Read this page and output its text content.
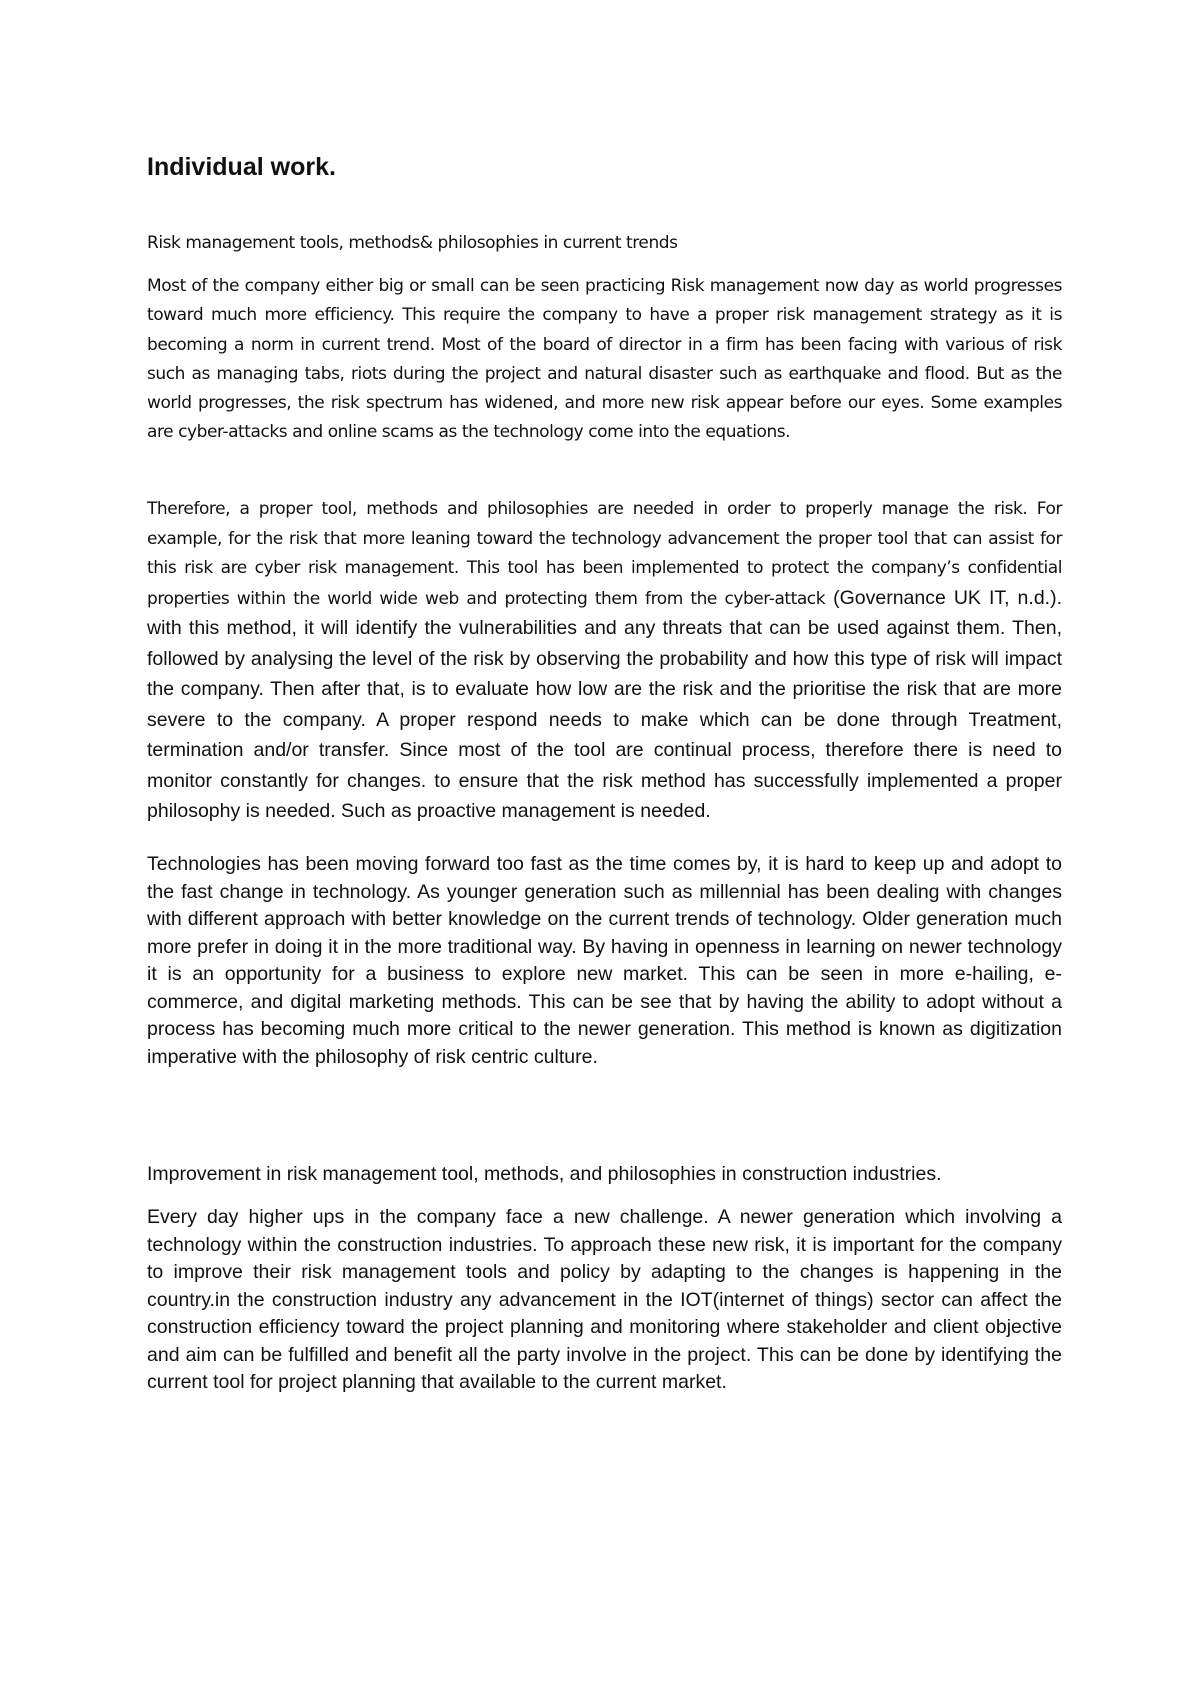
Individual work.

Risk management tools, methods& philosophies in current trends

Most of the company either big or small can be seen practicing Risk management now day as world progresses toward much more efficiency. This require the company to have a proper risk management strategy as it is becoming a norm in current trend. Most of the board of director in a firm has been facing with various of risk such as managing tabs, riots during the project and natural disaster such as earthquake and flood. But as the world progresses, the risk spectrum has widened, and more new risk appear before our eyes. Some examples are cyber-attacks and online scams as the technology come into the equations.

Therefore, a proper tool, methods and philosophies are needed in order to properly manage the risk. For example, for the risk that more leaning toward the technology advancement the proper tool that can assist for this risk are cyber risk management. This tool has been implemented to protect the company’s confidential properties within the world wide web and protecting them from the cyber-attack (Governance UK IT, n.d.). with this method, it will identify the vulnerabilities and any threats that can be used against them. Then, followed by analysing the level of the risk by observing the probability and how this type of risk will impact the company. Then after that, is to evaluate how low are the risk and the prioritise the risk that are more severe to the company. A proper respond needs to make which can be done through Treatment, termination and/or transfer. Since most of the tool are continual process, therefore there is need to monitor constantly for changes. to ensure that the risk method has successfully implemented a proper philosophy is needed. Such as proactive management is needed.

Technologies has been moving forward too fast as the time comes by, it is hard to keep up and adopt to the fast change in technology. As younger generation such as millennial has been dealing with changes with different approach with better knowledge on the current trends of technology. Older generation much more prefer in doing it in the more traditional way. By having in openness in learning on newer technology it is an opportunity for a business to explore new market. This can be seen in more e-hailing, e-commerce, and digital marketing methods. This can be see that by having the ability to adopt without a process has becoming much more critical to the newer generation. This method is known as digitization imperative with the philosophy of risk centric culture.

Improvement in risk management tool, methods, and philosophies in construction industries.

Every day higher ups in the company face a new challenge. A newer generation which involving a technology within the construction industries. To approach these new risk, it is important for the company to improve their risk management tools and policy by adapting to the changes is happening in the country.in the construction industry any advancement in the IOT(internet of things) sector can affect the construction efficiency toward the project planning and monitoring where stakeholder and client objective and aim can be fulfilled and benefit all the party involve in the project. This can be done by identifying the current tool for project planning that available to the current market.
